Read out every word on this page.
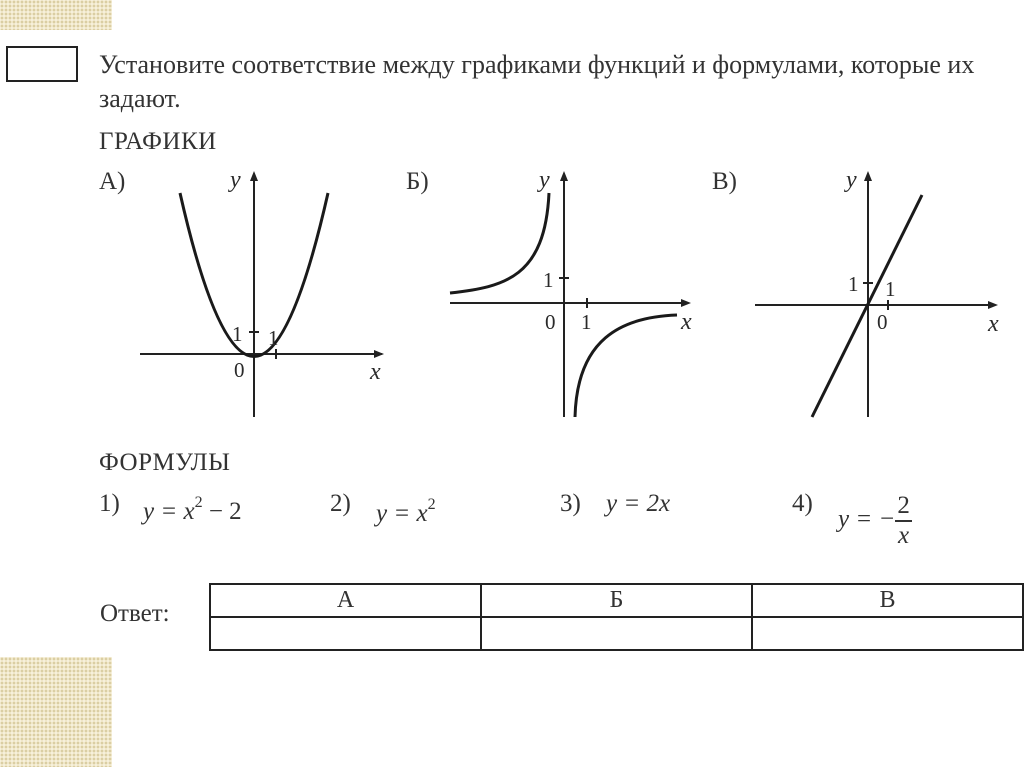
Установите соответствие между графиками функций и формулами, которые их задают.
ГРАФИКИ
А)	y
x
0
1 1
Б)	y
x
0
1
1
В)	y
x
0
1 1
ФОРМУЛЫ
1) $y = x^2 - 2$	2) $y = x^2$	3) y = 2x	4)
y = − $\frac{2}{x}$
Ответ:	А	Б	В
